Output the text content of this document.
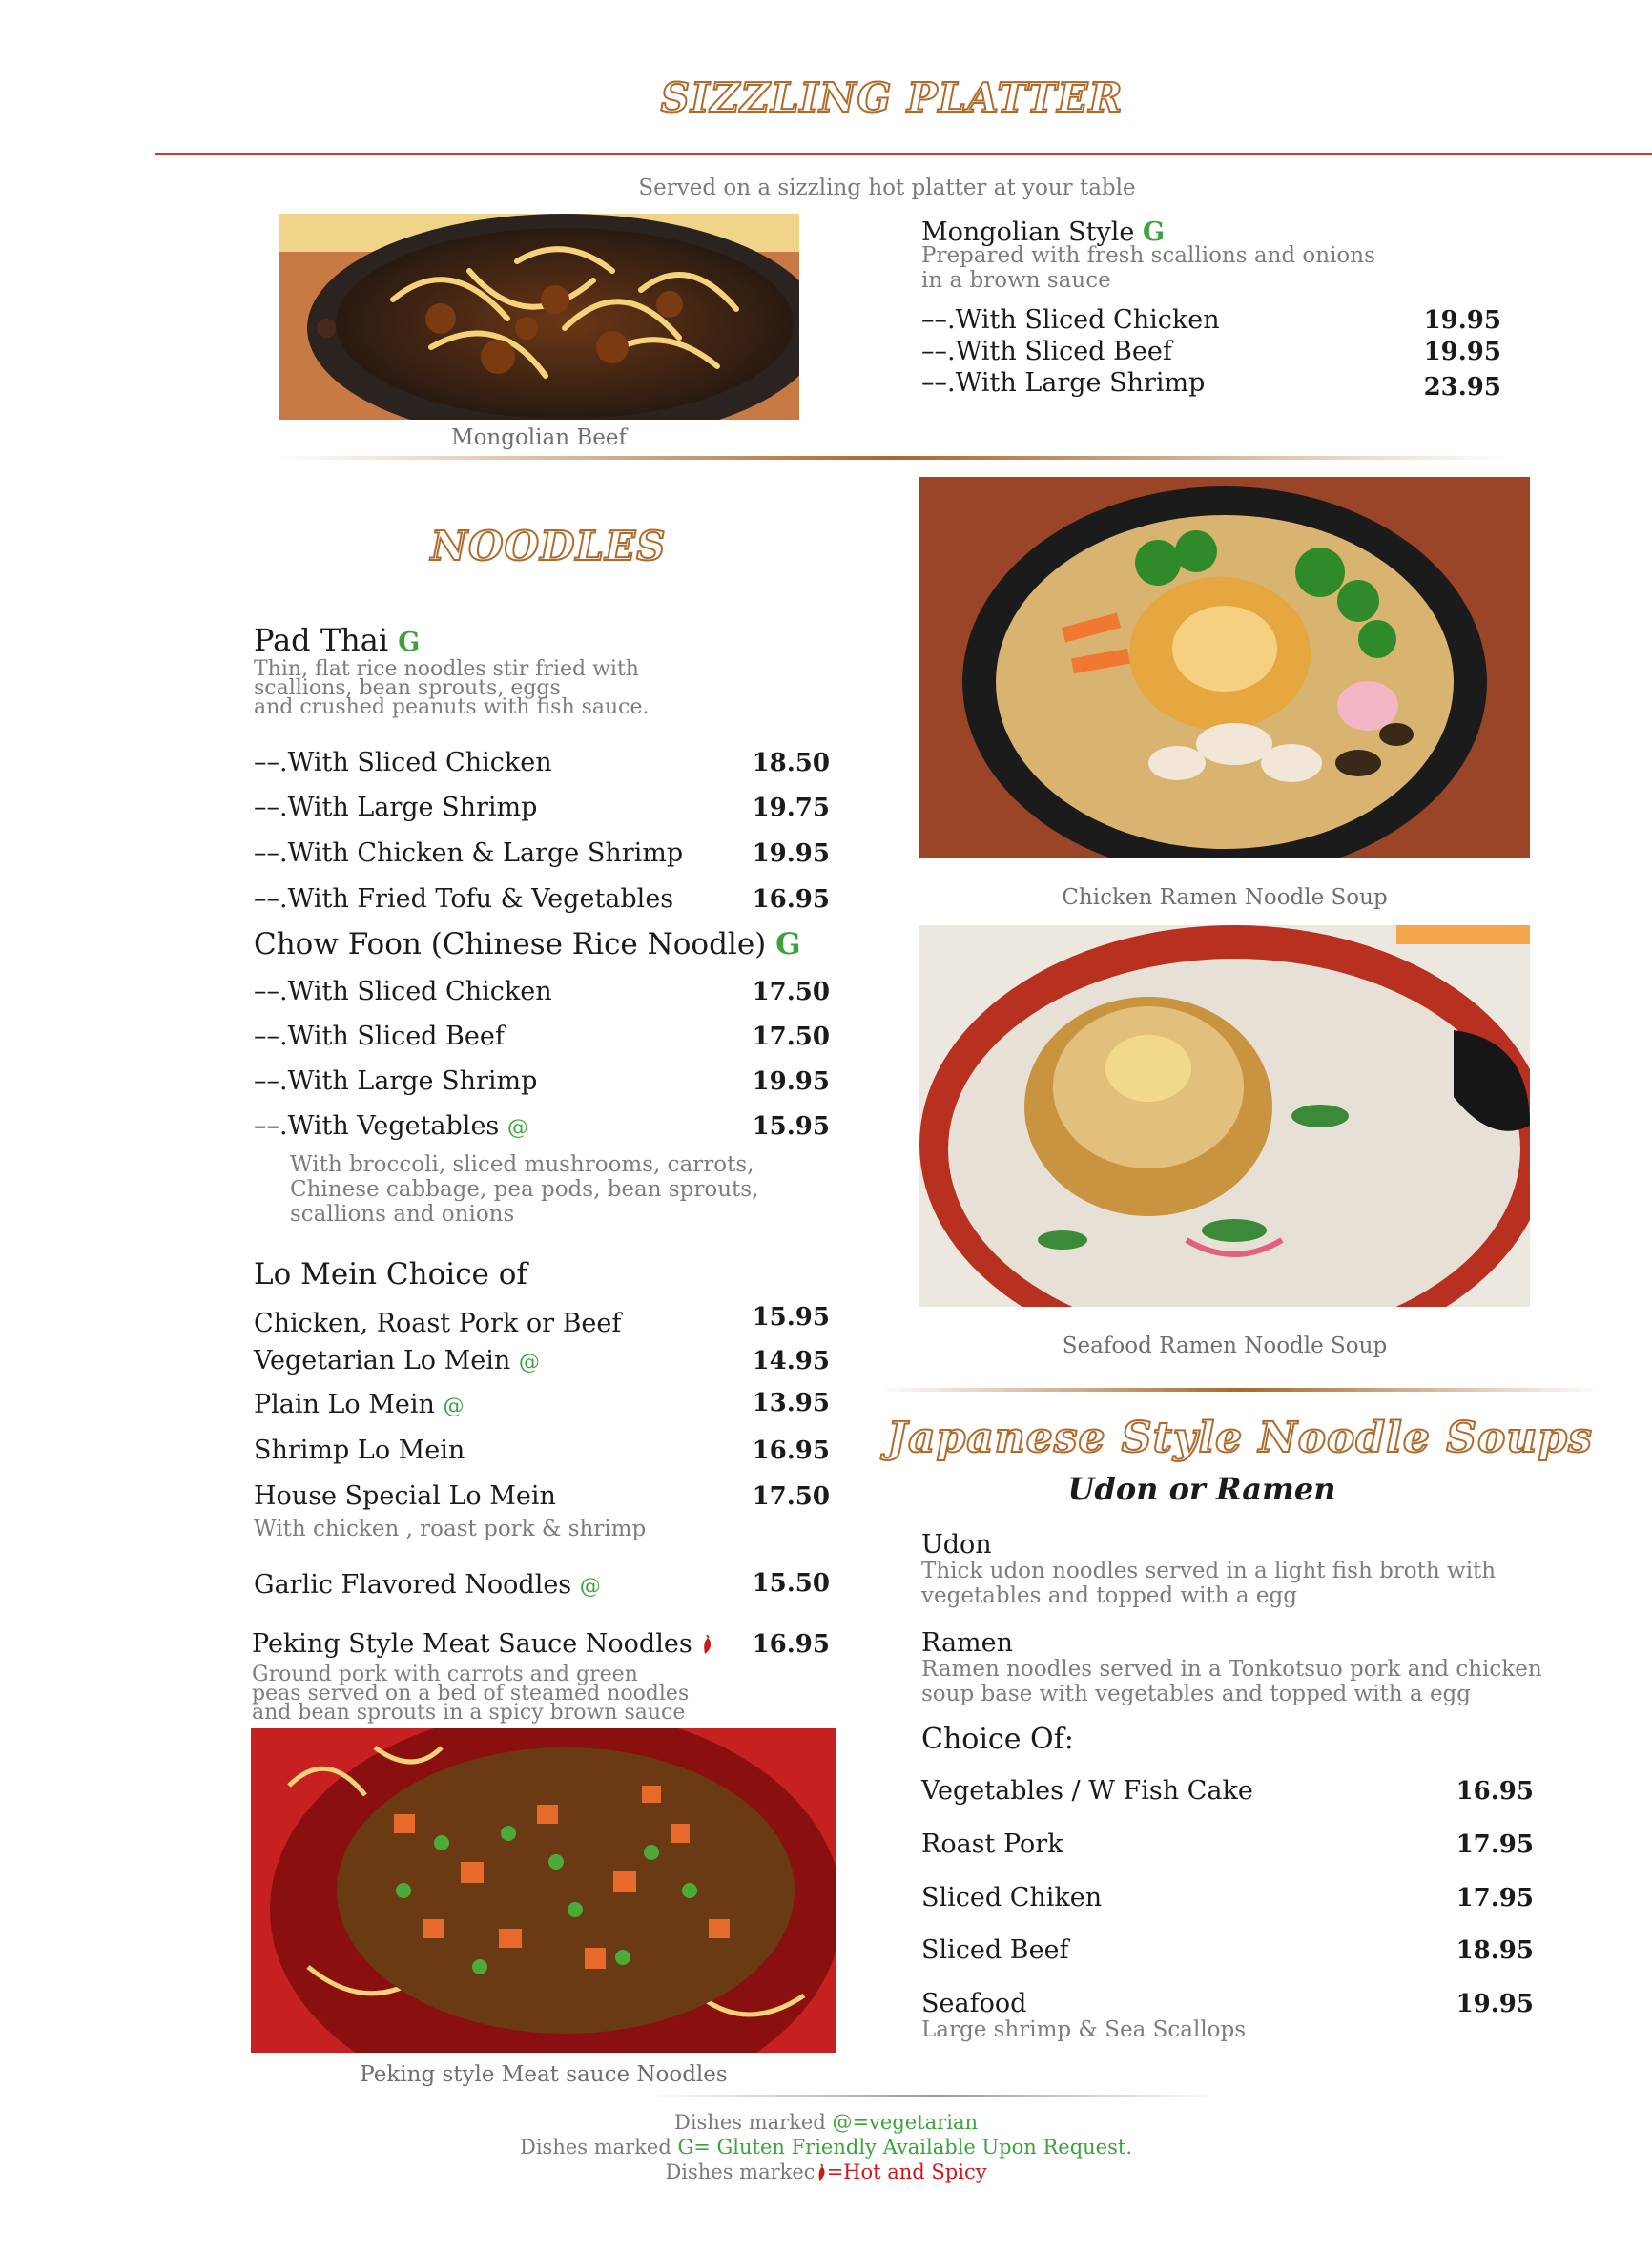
SIZZLING PLATTER
Served on a sizzling hot platter at your table
Mongolian Beef
Mongolian Style G
Prepared with fresh scallions and onions
in a brown sauce
––.With Sliced Chicken	19.95
––.With Sliced Beef	19.95
––.With Large Shrimp	23.95
NOODLES
Pad Thai G
Thin, flat rice noodles stir fried with
scallions, bean sprouts, eggs
and crushed peanuts with fish sauce.
––.With Sliced Chicken	18.50
––.With Large Shrimp	19.75
––.With Chicken & Large Shrimp	19.95
––.With Fried Tofu & Vegetables	16.95
Chow Foon (Chinese Rice Noodle) G
––.With Sliced Chicken	17.50
––.With Sliced Beef	17.50
––.With Large Shrimp	19.95
––.With Vegetables @	15.95
With broccoli, sliced mushrooms, carrots,
Chinese cabbage, pea pods, bean sprouts,
scallions and onions
Lo Mein Choice of
Chicken, Roast Pork or Beef	15.95
Vegetarian Lo Mein @	14.95
Plain Lo Mein @	13.95
Shrimp Lo Mein	16.95
House Special Lo Mein	17.50
With chicken , roast pork & shrimp
Garlic Flavored Noodles @	15.50
Peking Style Meat Sauce Noodles	16.95
Ground pork with carrots and green
peas served on a bed of steamed noodles
and bean sprouts in a spicy brown sauce
Peking style Meat sauce Noodles
Chicken Ramen Noodle Soup
Seafood Ramen Noodle Soup
Japanese Style Noodle Soups
Udon or Ramen
Udon
Thick udon noodles served in a light fish broth with
vegetables and topped with a egg
Ramen
Ramen noodles served in a Tonkotsuo pork and chicken
soup base with vegetables and topped with a egg
Choice Of:
Vegetables / W Fish Cake	16.95
Roast Pork	17.95
Sliced Chiken	17.95
Sliced Beef	18.95
Seafood	19.95
Large shrimp & Sea Scallops
Dishes marked @=vegetarian
Dishes marked G= Gluten Friendly Available Upon Request.
Dishes markec =Hot and Spicy
